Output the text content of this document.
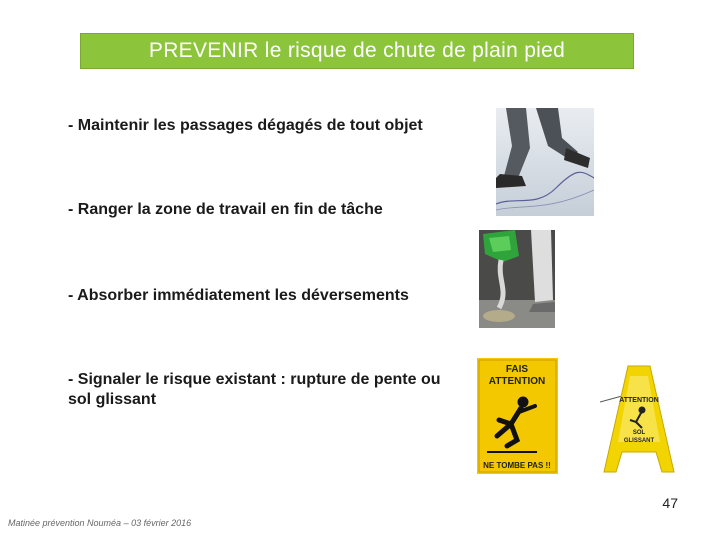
PREVENIR le risque de chute de plain pied
- Maintenir les passages dégagés de tout objet
- Ranger la zone de travail en fin de tâche
- Absorber immédiatement les déversements
- Signaler le risque existant : rupture de pente ou sol glissant
FAIS
ATTENTION
NE TOMBE PAS !!
ATTENTION
SOL
GLISSANT
47
Matinée prévention Nouméa – 03 février 2016
